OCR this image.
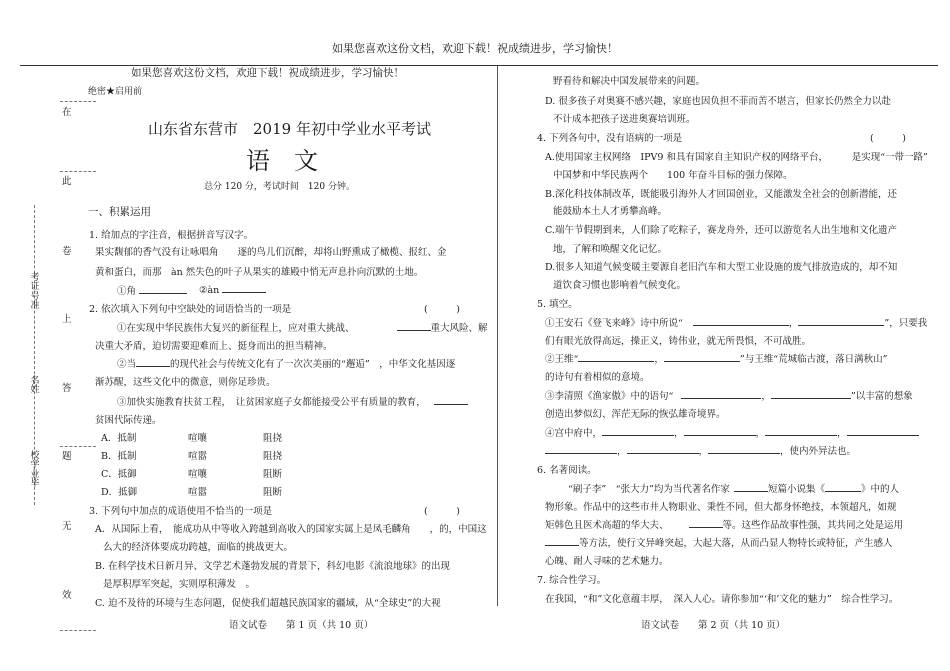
如果您喜欢这份文档，欢迎下载！祝成绩进步，学习愉快！
如果您喜欢这份文档，欢迎下载！祝成绩进步，学习愉快！
绝密★启用前
在
此
卷
上
答
题
无
效
考证号准
名姓
校学业毕
山东省东营市　2019 年初中学业水平考试
语　文
总分 120 分，考试时间　120 分钟。
一、积累运用
1. 给加点的字注音，根据拼音写汉字。
果实馥郁的香气没有让咏唱角　　逐的鸟儿们沉醉，却将山野熏成了橄榄、报红、金
黄和蛋白，而那　àn 然失色的叶子从果实的雄殿中悄无声息扑向沉默的土地。
①角	②àn
2. 依次填入下列句中空缺处的词语恰当的一项是	(　　　)
①在实现中华民族伟大复兴的新征程上，应对重大挑战、	重大风险、解
决重大矛盾，迫切需要迎难而上、挺身而出的担当精神。
②当	的现代社会与传统文化有了一次次美丽的“邂逅”　，中华文化基因逐
渐苏醒，这些文化中的微意，则你足珍贵。
③加快实施教育扶贫工程，　让贫困家庭子女都能接受公平有质量的教育，
贫困代际传递。
A．抵制	喧嚷	阻挠
B．抵制	喧嚣	阻挠
C．抵御	喧嚷	阻断
D．抵御	喧嚣	阻断
3. 下列句中加点的成语使用不恰当的一项是	(　　　)
A．从国际上看，　能成功从中等收入跨越到高收入的国家实属上是凤毛麟角　　，的，中国这
么大的经济体要成功跨越，面临的挑战更大。
B. 在科学技术日新月异、文学艺术蓬勃发展的背景下，科幻电影《流浪地球》的出现
是厚积厚军突起，实则厚积薄发　。
C. 迫不及待的环境与生态问题，促使我们超越民族国家的疆域，从“全球史”的大视
语文试卷　　第 1 页（共 10 页）
野看待和解决中国发展带来的问题。
D. 很多孩子对奥赛不感兴趣，家庭也因负担不菲而苦不堪言，但家长仍然全力以赴
不计成本把孩子送进奥赛培训班。
4. 下列各句中，没有语病的一项是	(　　　)
A.使用国家主权网络　IPV9 和具有国家自主知识产权的网络平台，　　　是实现“一带一路”
中国梦和中华民族两个　　100 年奋斗目标的强力保障。
B.深化科技体制改革，既能吸引海外人才回国创业，又能激发全社会的创新潜能，还
能鼓励本土人才勇攀高峰。
C.端午节假期到来，人们除了吃粽子，赛龙舟外，还可以游览名人出生地和文化遗产
地，了解和唤醒文化记忆。
D.很多人知道气候变暖主要源自老旧汽车和大型工业设施的废气排放造成的，却不知
道饮食习惯也影响着气候变化。
5. 填空。
①王安石《登飞来峰》诗中所说“	，	”，只要我
们有眼光放得高远，操正义，铸伟业，就无所畏惧，不可战胜。
②王维“	，	”与王维“荒城临古渡，落日满秋山”
的诗句有着相似的意境。
③李清照《渔家傲》中的语句“	，	”以丰富的想象
创造出梦似幻、浑茫无际的恢弘雄奇境界。
④宫中府中，	，	，	，
，	，	，使内外异法也。
6. 名著阅读。
“刷子李”　“张大力”均为当代著名作家	短篇小说集《	》中的人
物形象。作品中的这些市井人物职业、秉性不同，但大都身怀绝技，本领超凡，如规
矩韩色且医术高超的华大夫、	等。这些作品故事性强，其共同之处是运用
等方法，使行文异峰突起，大起大落，从而凸显人物特长或特征，产生感人
心魄、耐人寻味的艺术魅力。
7. 综合性学习。
在我国，“和”文化意蕴丰厚，　深入人心。请你参加“‘和’文化的魅力”　综合性学习。
语文试卷　　第 2 页（共 10 页）
